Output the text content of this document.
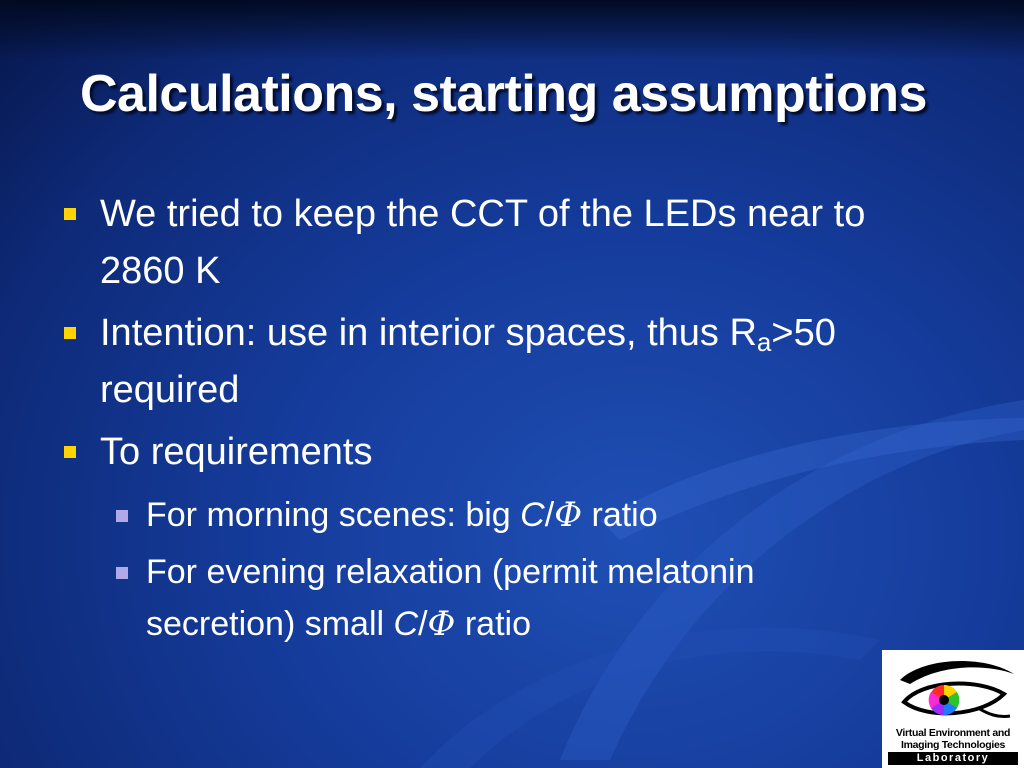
Calculations, starting assumptions
We tried to keep the CCT of the LEDs near to 2860 K
Intention: use in interior spaces, thus $R_a>50$ required
To requirements
For morning scenes: big C/Φ ratio
For evening relaxation (permit melatonin secretion) small C/Φ ratio
Virtual Environment and
Imaging Technologies
Laboratory
